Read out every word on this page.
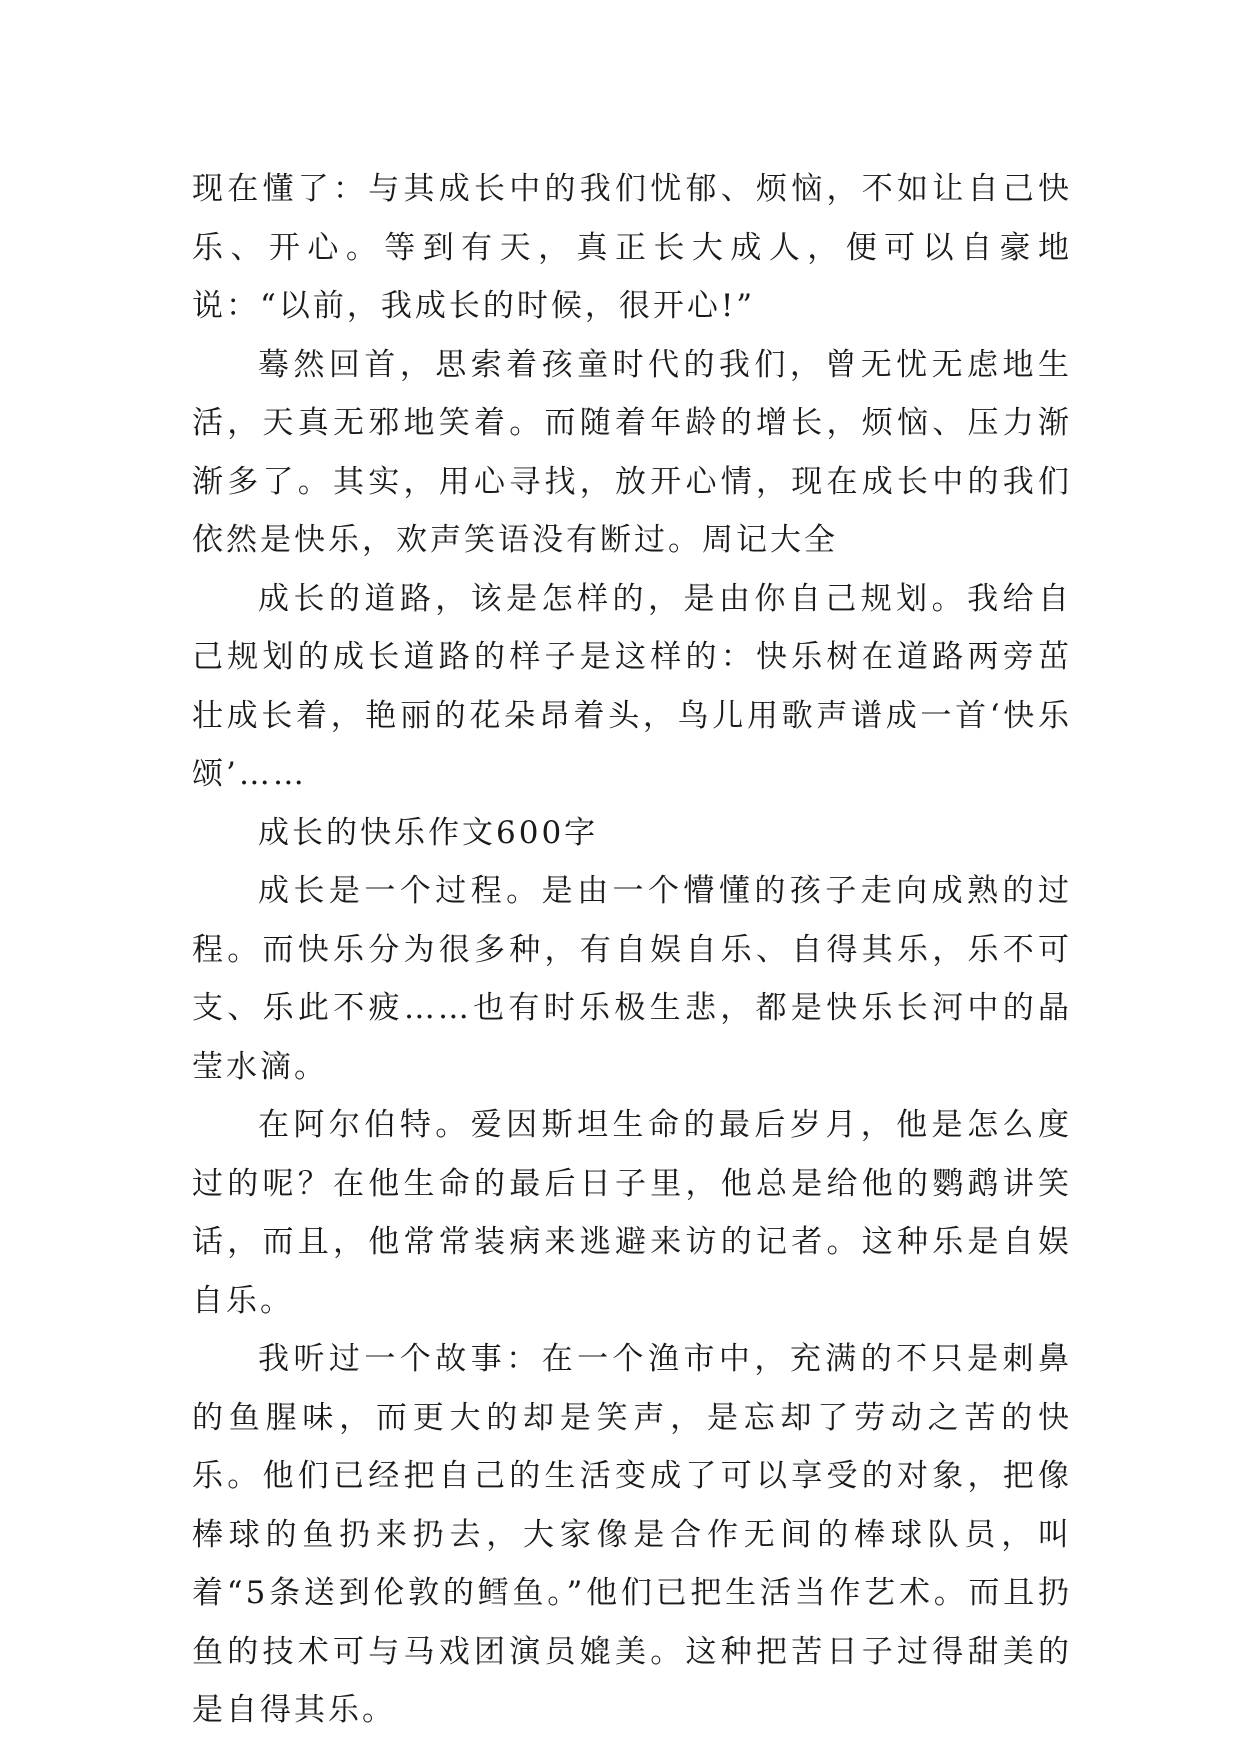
现在懂了：与其成长中的我们忧郁、烦恼，不如让自己快乐、开心。等到有天，真正长大成人，便可以自豪地说：“以前，我成长的时候，很开心!”

蓦然回首，思索着孩童时代的我们，曾无忧无虑地生活，天真无邪地笑着。而随着年龄的增长，烦恼、压力渐渐多了。其实，用心寻找，放开心情，现在成长中的我们依然是快乐，欢声笑语没有断过。周记大全

成长的道路，该是怎样的，是由你自己规划。我给自己规划的成长道路的样子是这样的：快乐树在道路两旁茁壮成长着，艳丽的花朵昂着头，鸟儿用歌声谱成一首‘快乐颂’……

成长的快乐作文600字

成长是一个过程。是由一个懵懂的孩子走向成熟的过程。而快乐分为很多种，有自娱自乐、自得其乐，乐不可支、乐此不疲……也有时乐极生悲，都是快乐长河中的晶莹水滴。

在阿尔伯特。爱因斯坦生命的最后岁月，他是怎么度过的呢？在他生命的最后日子里，他总是给他的鹦鹉讲笑话，而且，他常常装病来逃避来访的记者。这种乐是自娱自乐。

我听过一个故事：在一个渔市中，充满的不只是刺鼻的鱼腥味，而更大的却是笑声，是忘却了劳动之苦的快乐。他们已经把自己的生活变成了可以享受的对象，把像棒球的鱼扔来扔去，大家像是合作无间的棒球队员，叫着“5条送到伦敦的鳕鱼。”他们已把生活当作艺术。而且扔鱼的技术可与马戏团演员媲美。这种把苦日子过得甜美的是自得其乐。
